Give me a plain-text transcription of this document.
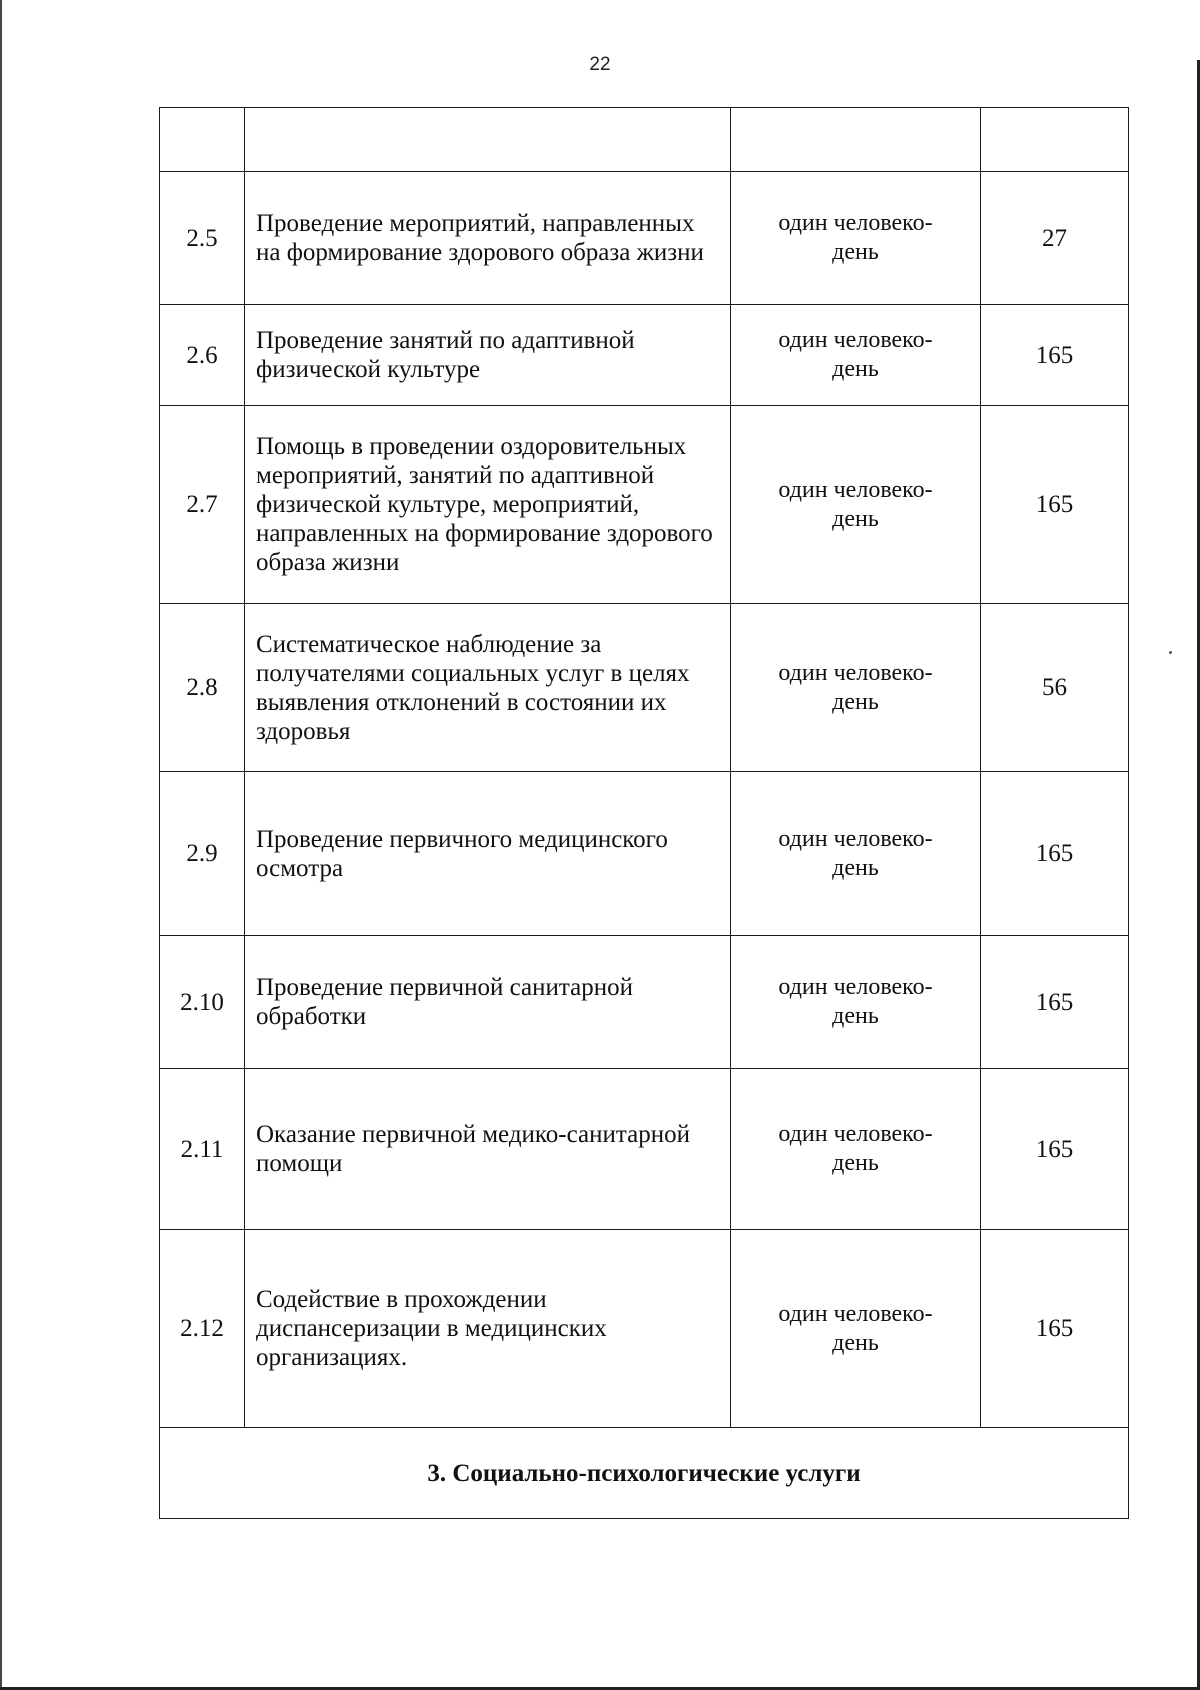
22

2.5	Проведение мероприятий, направленных на формирование здорового образа жизни	один человеко-день	27
2.6	Проведение занятий по адаптивной физической культуре	один человеко-день	165
2.7	Помощь в проведении оздоровительных мероприятий, занятий по адаптивной физической культуре, мероприятий, направленных на формирование здорового образа жизни	один человеко-день	165
2.8	Систематическое наблюдение за получателями социальных услуг в целях выявления отклонений в состоянии их здоровья	один человеко-день	56
2.9	Проведение первичного медицинского осмотра	один человеко-день	165
2.10	Проведение первичной санитарной обработки	один человеко-день	165
2.11	Оказание первичной медико-санитарной помощи	один человеко-день	165
2.12	Содействие в прохождении диспансеризации в медицинских организациях.	один человеко-день	165
3. Социально-психологические услуги			
